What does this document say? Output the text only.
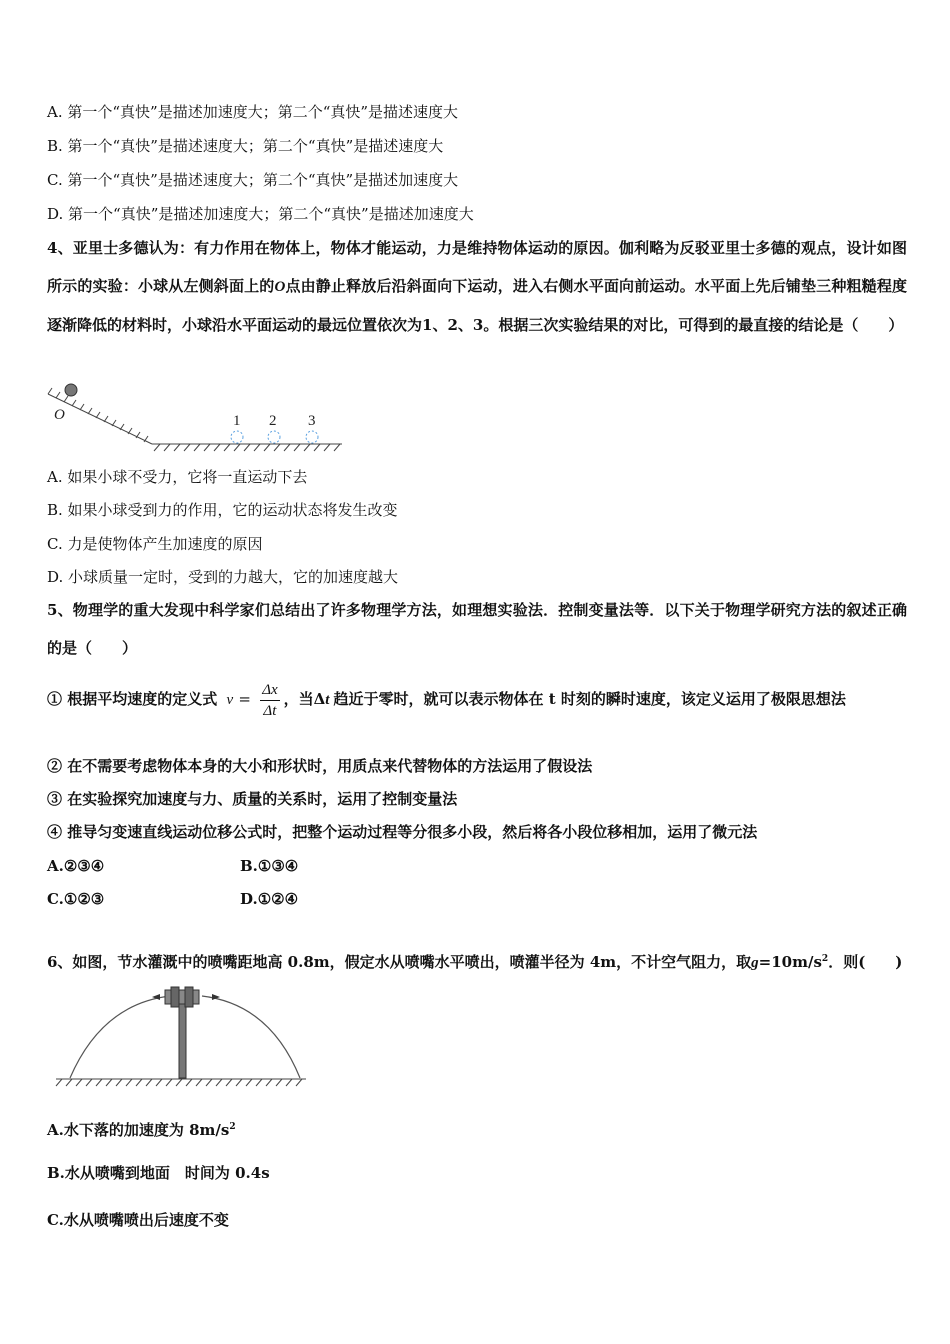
A. 第一个“真快”是描述加速度大；第二个“真快”是描述速度大
B. 第一个“真快”是描述速度大；第二个“真快”是描述速度大
C. 第一个“真快”是描述速度大；第二个“真快”是描述加速度大
D. 第一个“真快”是描述加速度大；第二个“真快”是描述加速度大
4、亚里士多德认为：有力作用在物体上，物体才能运动，力是维持物体运动的原因。伽利略为反驳亚里士多德的观点，设计如图所示的实验：小球从左侧斜面上的O点由静止释放后沿斜面向下运动，进入右侧水平面向前运动。水平面上先后铺垫三种粗糙程度逐渐降低的材料时，小球沿水平面运动的最远位置依次为1、2、3。根据三次实验结果的对比，可得到的最直接的结论是（　　）
O	1 2 3
A. 如果小球不受力，它将一直运动下去
B. 如果小球受到力的作用，它的运动状态将发生改变
C. 力是使物体产生加速度的原因
D. 小球质量一定时，受到的力越大，它的加速度越大
5、物理学的重大发现中科学家们总结出了许多物理学方法，如理想实验法．控制变量法等．以下关于物理学研究方法的叙述正确的是（　　）
① 根据平均速度的定义式 $v = \frac{\Delta x}{\Delta t}$ ，当Δt 趋近于零时，就可以表示物体在 t 时刻的瞬时速度，该定义运用了极限思想法
② 在不需要考虑物体本身的大小和形状时，用质点来代替物体的方法运用了假设法
③ 在实验探究加速度与力、质量的关系时，运用了控制变量法
④ 推导匀变速直线运动位移公式时，把整个运动过程等分很多小段，然后将各小段位移相加，运用了微元法
A.②③④	B.①③④
C.①②③	D.①②④
6、如图，节水灌溉中的喷嘴距地高 0.8m，假定水从喷嘴水平喷出，喷灌半径为 4m，不计空气阻力，取$g=10m/s^2$．则(　　)
A.水下落的加速度为 $8m/s^2$
B.水从喷嘴到地面　时间为 0.4s
C.水从喷嘴喷出后速度不变
